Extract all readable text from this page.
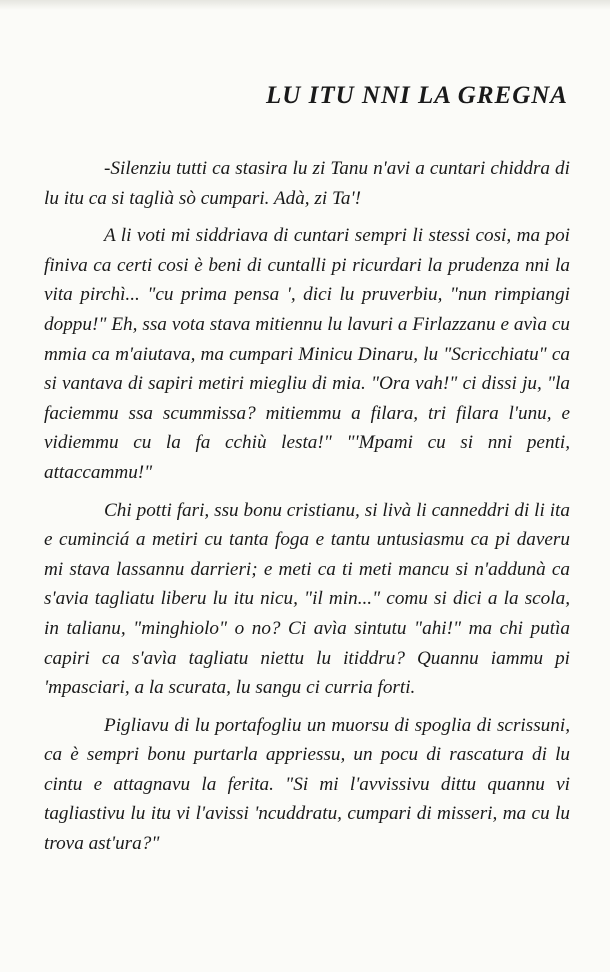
LU ITU NNI LA GREGNA

-Silenziu tutti ca stasira lu zi Tanu n'avi a cuntari chiddra di lu itu ca si taglià sò cumpari. Adà, zi Ta'!

A li voti mi siddriava di cuntari sempri li stessi cosi, ma poi finiva ca certi cosi è beni di cuntalli pi ricurdari la prudenza nni la vita pirchì... "cu prima pensa ', dici lu pruverbiu, "nun rimpiangi doppu!" Eh, ssa vota stava mitiennu lu lavuri a Firlazzanu e avìa cu mmia ca m'aiutava, ma cumpari Minicu Dinaru, lu "Scricchiatu" ca si vantava di sapiri metiri miegliu di mia. "Ora vah!" ci dissi ju, "la faciemmu ssa scummissa? mitiemmu a filara, tri filara l'unu, e vidiemmu cu la fa cchiù lesta!" "'Mpami cu si nni penti, attaccammu!"

Chi potti fari, ssu bonu cristianu, si livà li canneddri di li ita e cuminciá a metiri cu tanta foga e tantu untusiasmu ca pi daveru mi stava lassannu darrieri; e meti ca ti meti mancu si n'addunà ca s'avia tagliatu liberu lu itu nicu, "il min..." comu si dici a la scola, in talianu, "minghiolo" o no? Ci avìa sintutu "ahi!" ma chi putìa capiri ca s'avìa tagliatu niettu lu itiddru? Quannu iammu pi 'mpasciari, a la scurata, lu sangu ci curria forti.

Pigliavu di lu portafogliu un muorsu di spoglia di scrissuni, ca è sempri bonu purtarla appriessu, un pocu di rascatura di lu cintu e attagnavu la ferita. "Si mi l'avvissivu dittu quannu vi tagliastivu lu itu vi l'avissi 'ncuddratu, cumpari di misseri, ma cu lu trova ast'ura?"
